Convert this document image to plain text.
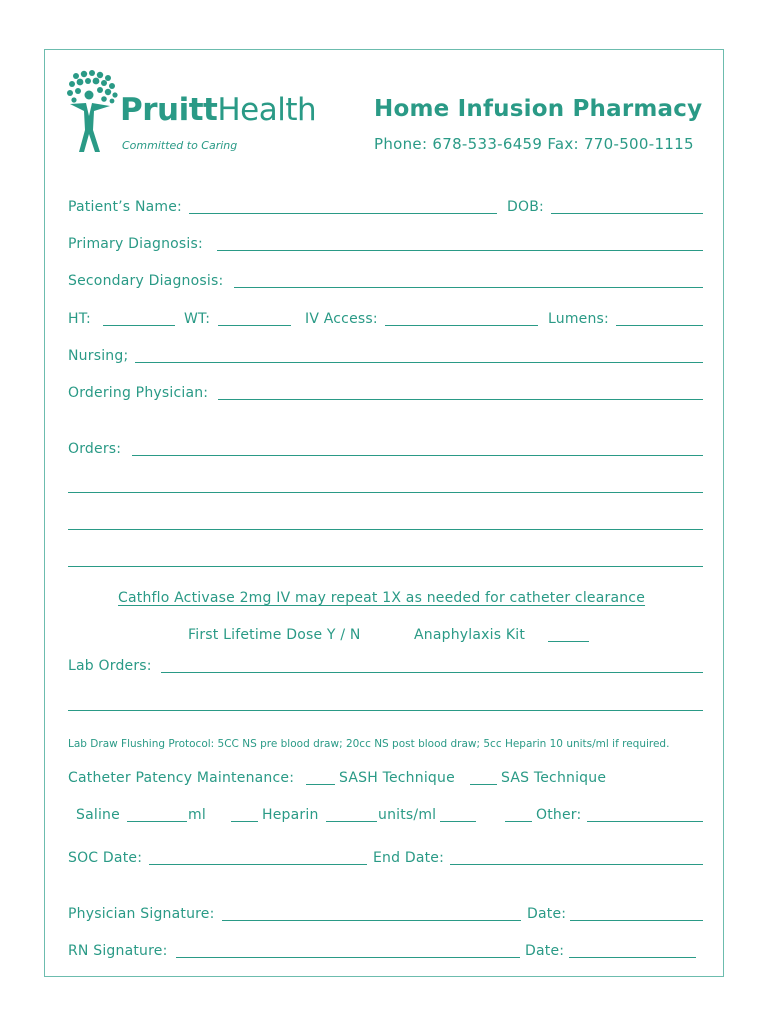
PruittHealth
Committed to Caring
Home Infusion Pharmacy
Phone: 678-533-6459 Fax: 770-500-1115
Patient’s Name:	DOB:
Primary Diagnosis:
Secondary Diagnosis:
HT:	WT:	IV Access:	Lumens:
Nursing;
Ordering Physician:
Orders:
Cathflo Activase 2mg IV may repeat 1X as needed for catheter clearance
First Lifetime Dose Y / N	Anaphylaxis Kit
Lab Orders:
Lab Draw Flushing Protocol: 5CC NS pre blood draw; 20cc NS post blood draw; 5cc Heparin 10 units/ml if required.
Catheter Patency Maintenance:	SASH Technique	SAS Technique
Saline	ml	Heparin	units/ml	Other:
SOC Date:	End Date:
Physician Signature:	Date:
RN Signature:	Date:
